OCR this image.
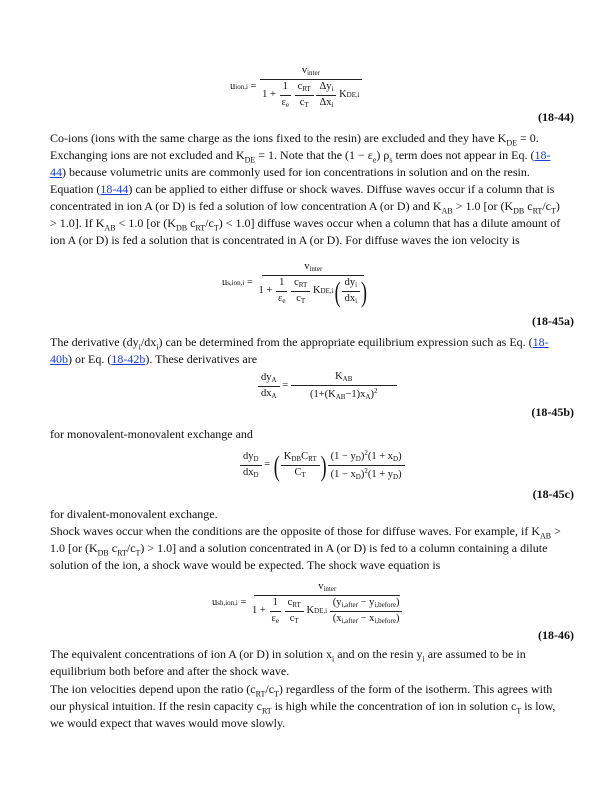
u ion,i =
$v_{inter}$
1 +
$\frac{1}{\varepsilon_e}$
$\frac{c_{RT}}{c_T}$
$\frac{\Delta y_i}{\Delta x_i}$
K DE,i
(18-44)
Co-ions (ions with the same charge as the ions fixed to the resin) are excluded and they have $K_{DE} = 0$. Exchanging ions are not excluded and $K_{DE} = 1$. Note that the $(1 - \varepsilon_e)$ $\rho_s$ term does not appear in Eq. (18-44) because volumetric units are commonly used for ion concentrations in solution and on the resin. Equation (18-44) can be applied to either diffuse or shock waves. Diffuse waves occur if a column that is concentrated in ion A (or D) is fed a solution of low concentration A (or D) and $K_{AB} > 1.0$ [or ($K_{DB}$ $c_{RT}/c_T) > 1.0$]. If $K_{AB} < 1.0$ [or ($K_{DB}$ $c_{RT}/c_T) < 1.0$] diffuse waves occur when a column that has a dilute amount of ion A (or D) is fed a solution that is concentrated in A (or D). For diffuse waves the ion velocity is
u s,ion,i =
$v_{inter}$
1 +
$\frac{1}{\varepsilon_e}$
$\frac{c_{RT}}{c_T}$
K DE,i ( $\frac{dy_i}{dx_i}$ )
(18-45a)
The derivative $(dy_i/dx_i)$ can be determined from the appropriate equilibrium expression such as Eq. (18-40b) or Eq. (18-42b). These derivatives are
$\frac{dy_A}{dx_A} = \frac{K_{AB}}{(1+(K_{AB}-1)x_A)^2}$
(18-45b)
for monovalent-monovalent exchange and
$\frac{dy_D}{dx_D}$ = ( $\frac{K_{DB}C_{RT}}{C_T}$ ) $\frac{(1 - y_D)^2(1 + x_D)}{(1 - x_D)^2(1 + y_D)}$
(18-45c)
for divalent-monovalent exchange.
Shock waves occur when the conditions are the opposite of those for diffuse waves. For example, if $K_{AB} > 1.0$ [or ($K_{DB}$ $c_{RT}/c_T) > 1.0$] and a solution concentrated in A (or D) is fed to a column containing a dilute solution of the ion, a shock wave would be expected. The shock wave equation is
u sh,ion,i =
$v_{inter}$
1 +
$\frac{1}{\varepsilon_e}$
$\frac{c_{RT}}{c_T}$
K DE,i
$\frac{(y_{i,after} - y_{i,before})}{(x_{i,after} - x_{i,before})}$
(18-46)
The equivalent concentrations of ion A (or D) in solution $x_i$ and on the resin $y_i$ are assumed to be in equilibrium both before and after the shock wave.
The ion velocities depend upon the ratio $(c_{RT}/c_T)$ regardless of the form of the isotherm. This agrees with our physical intuition. If the resin capacity $c_{RT}$ is high while the concentration of ion in solution $c_T$ is low, we would expect that waves would move slowly.
